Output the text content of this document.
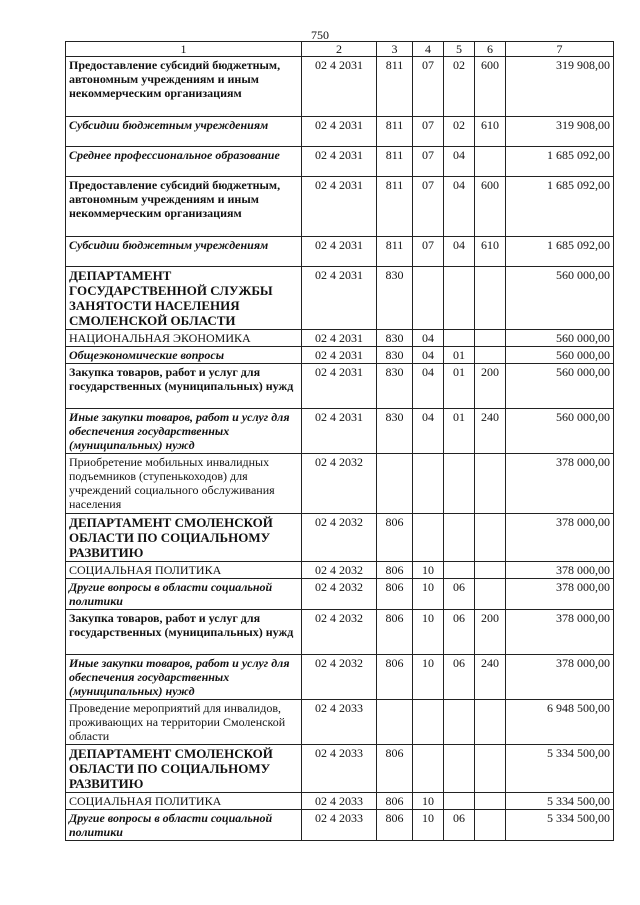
750
1	2	3	4	5	6	7
Предоставление субсидий бюджетным, автономным учреждениям и иным некоммерческим организациям	02 4 2031	811	07	02	600	319 908,00
Субсидии бюджетным учреждениям	02 4 2031	811	07	02	610	319 908,00
Среднее профессиональное образование	02 4 2031	811	07	04		1 685 092,00
Предоставление субсидий бюджетным, автономным учреждениям и иным некоммерческим организациям	02 4 2031	811	07	04	600	1 685 092,00
Субсидии бюджетным учреждениям	02 4 2031	811	07	04	610	1 685 092,00
ДЕПАРТАМЕНТ ГОСУДАРСТВЕННОЙ СЛУЖБЫ ЗАНЯТОСТИ НАСЕЛЕНИЯ СМОЛЕНСКОЙ ОБЛАСТИ	02 4 2031	830				560 000,00
НАЦИОНАЛЬНАЯ ЭКОНОМИКА	02 4 2031	830	04			560 000,00
Общеэкономические вопросы	02 4 2031	830	04	01		560 000,00
Закупка товаров, работ и услуг для государственных (муниципальных) нужд	02 4 2031	830	04	01	200	560 000,00
Иные закупки товаров, работ и услуг для обеспечения государственных (муниципальных) нужд	02 4 2031	830	04	01	240	560 000,00
Приобретение мобильных инвалидных подъемников (ступенькоходов) для учреждений социального обслуживания населения	02 4 2032					378 000,00
ДЕПАРТАМЕНТ СМОЛЕНСКОЙ ОБЛАСТИ ПО СОЦИАЛЬНОМУ РАЗВИТИЮ	02 4 2032	806				378 000,00
СОЦИАЛЬНАЯ ПОЛИТИКА	02 4 2032	806	10			378 000,00
Другие вопросы в области социальной политики	02 4 2032	806	10	06		378 000,00
Закупка товаров, работ и услуг для государственных (муниципальных) нужд	02 4 2032	806	10	06	200	378 000,00
Иные закупки товаров, работ и услуг для обеспечения государственных (муниципальных) нужд	02 4 2032	806	10	06	240	378 000,00
Проведение мероприятий для инвалидов, проживающих на территории Смоленской области	02 4 2033					6 948 500,00
ДЕПАРТАМЕНТ СМОЛЕНСКОЙ ОБЛАСТИ ПО СОЦИАЛЬНОМУ РАЗВИТИЮ	02 4 2033	806				5 334 500,00
СОЦИАЛЬНАЯ ПОЛИТИКА	02 4 2033	806	10			5 334 500,00
Другие вопросы в области социальной политики	02 4 2033	806	10	06		5 334 500,00
